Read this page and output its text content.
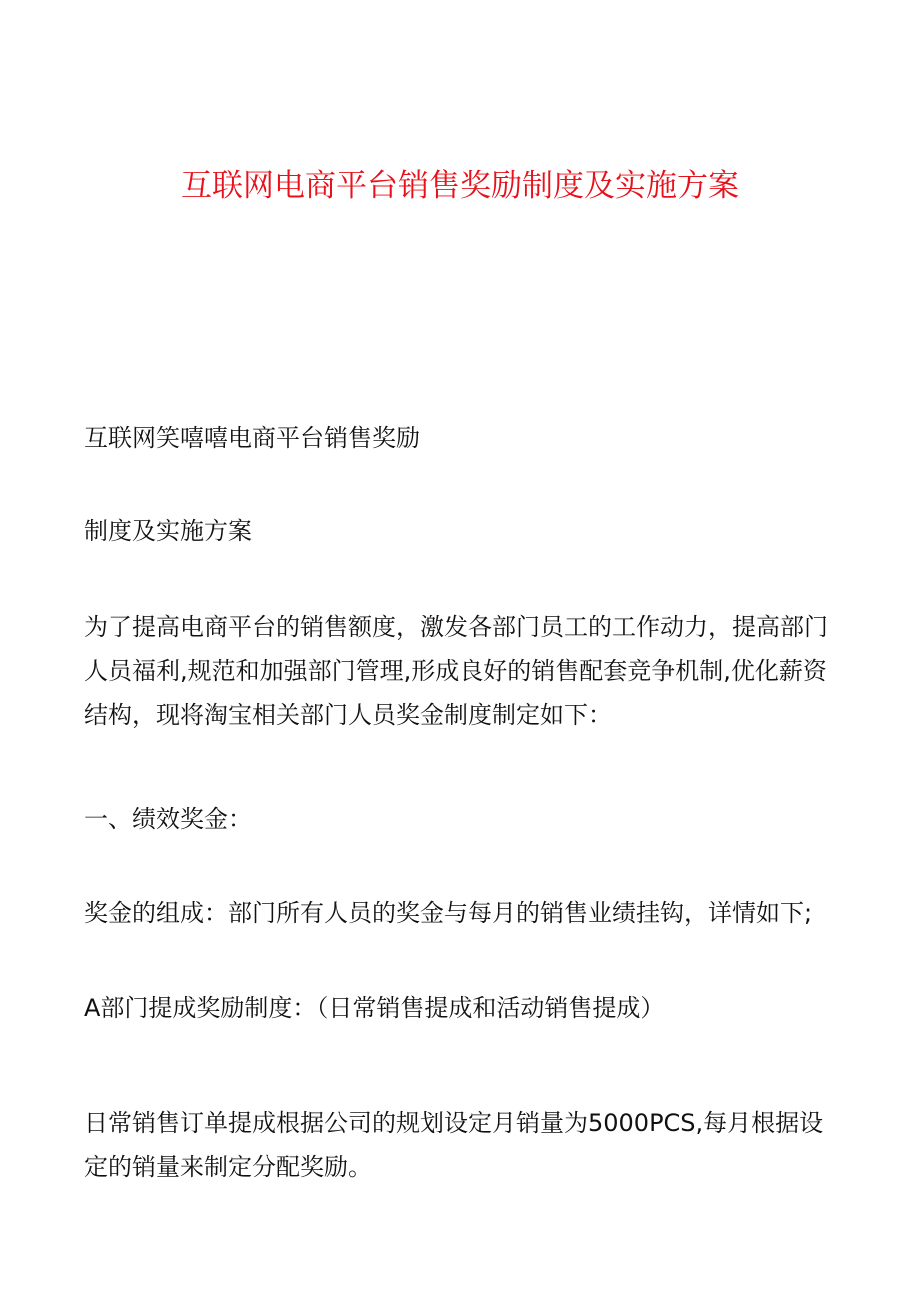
互联网电商平台销售奖励制度及实施方案

互联网笑嘻嘻电商平台销售奖励

制度及实施方案

为了提高电商平台的销售额度，激发各部门员工的工作动力，提高部门人员福利,规范和加强部门管理,形成良好的销售配套竞争机制,优化薪资结构，现将淘宝相关部门人员奖金制度制定如下：

一、绩效奖金：

奖金的组成：部门所有人员的奖金与每月的销售业绩挂钩，详情如下;

A部门提成奖励制度：（日常销售提成和活动销售提成）

日常销售订单提成根据公司的规划设定月销量为5000PCS,每月根据设定的销量来制定分配奖励。
